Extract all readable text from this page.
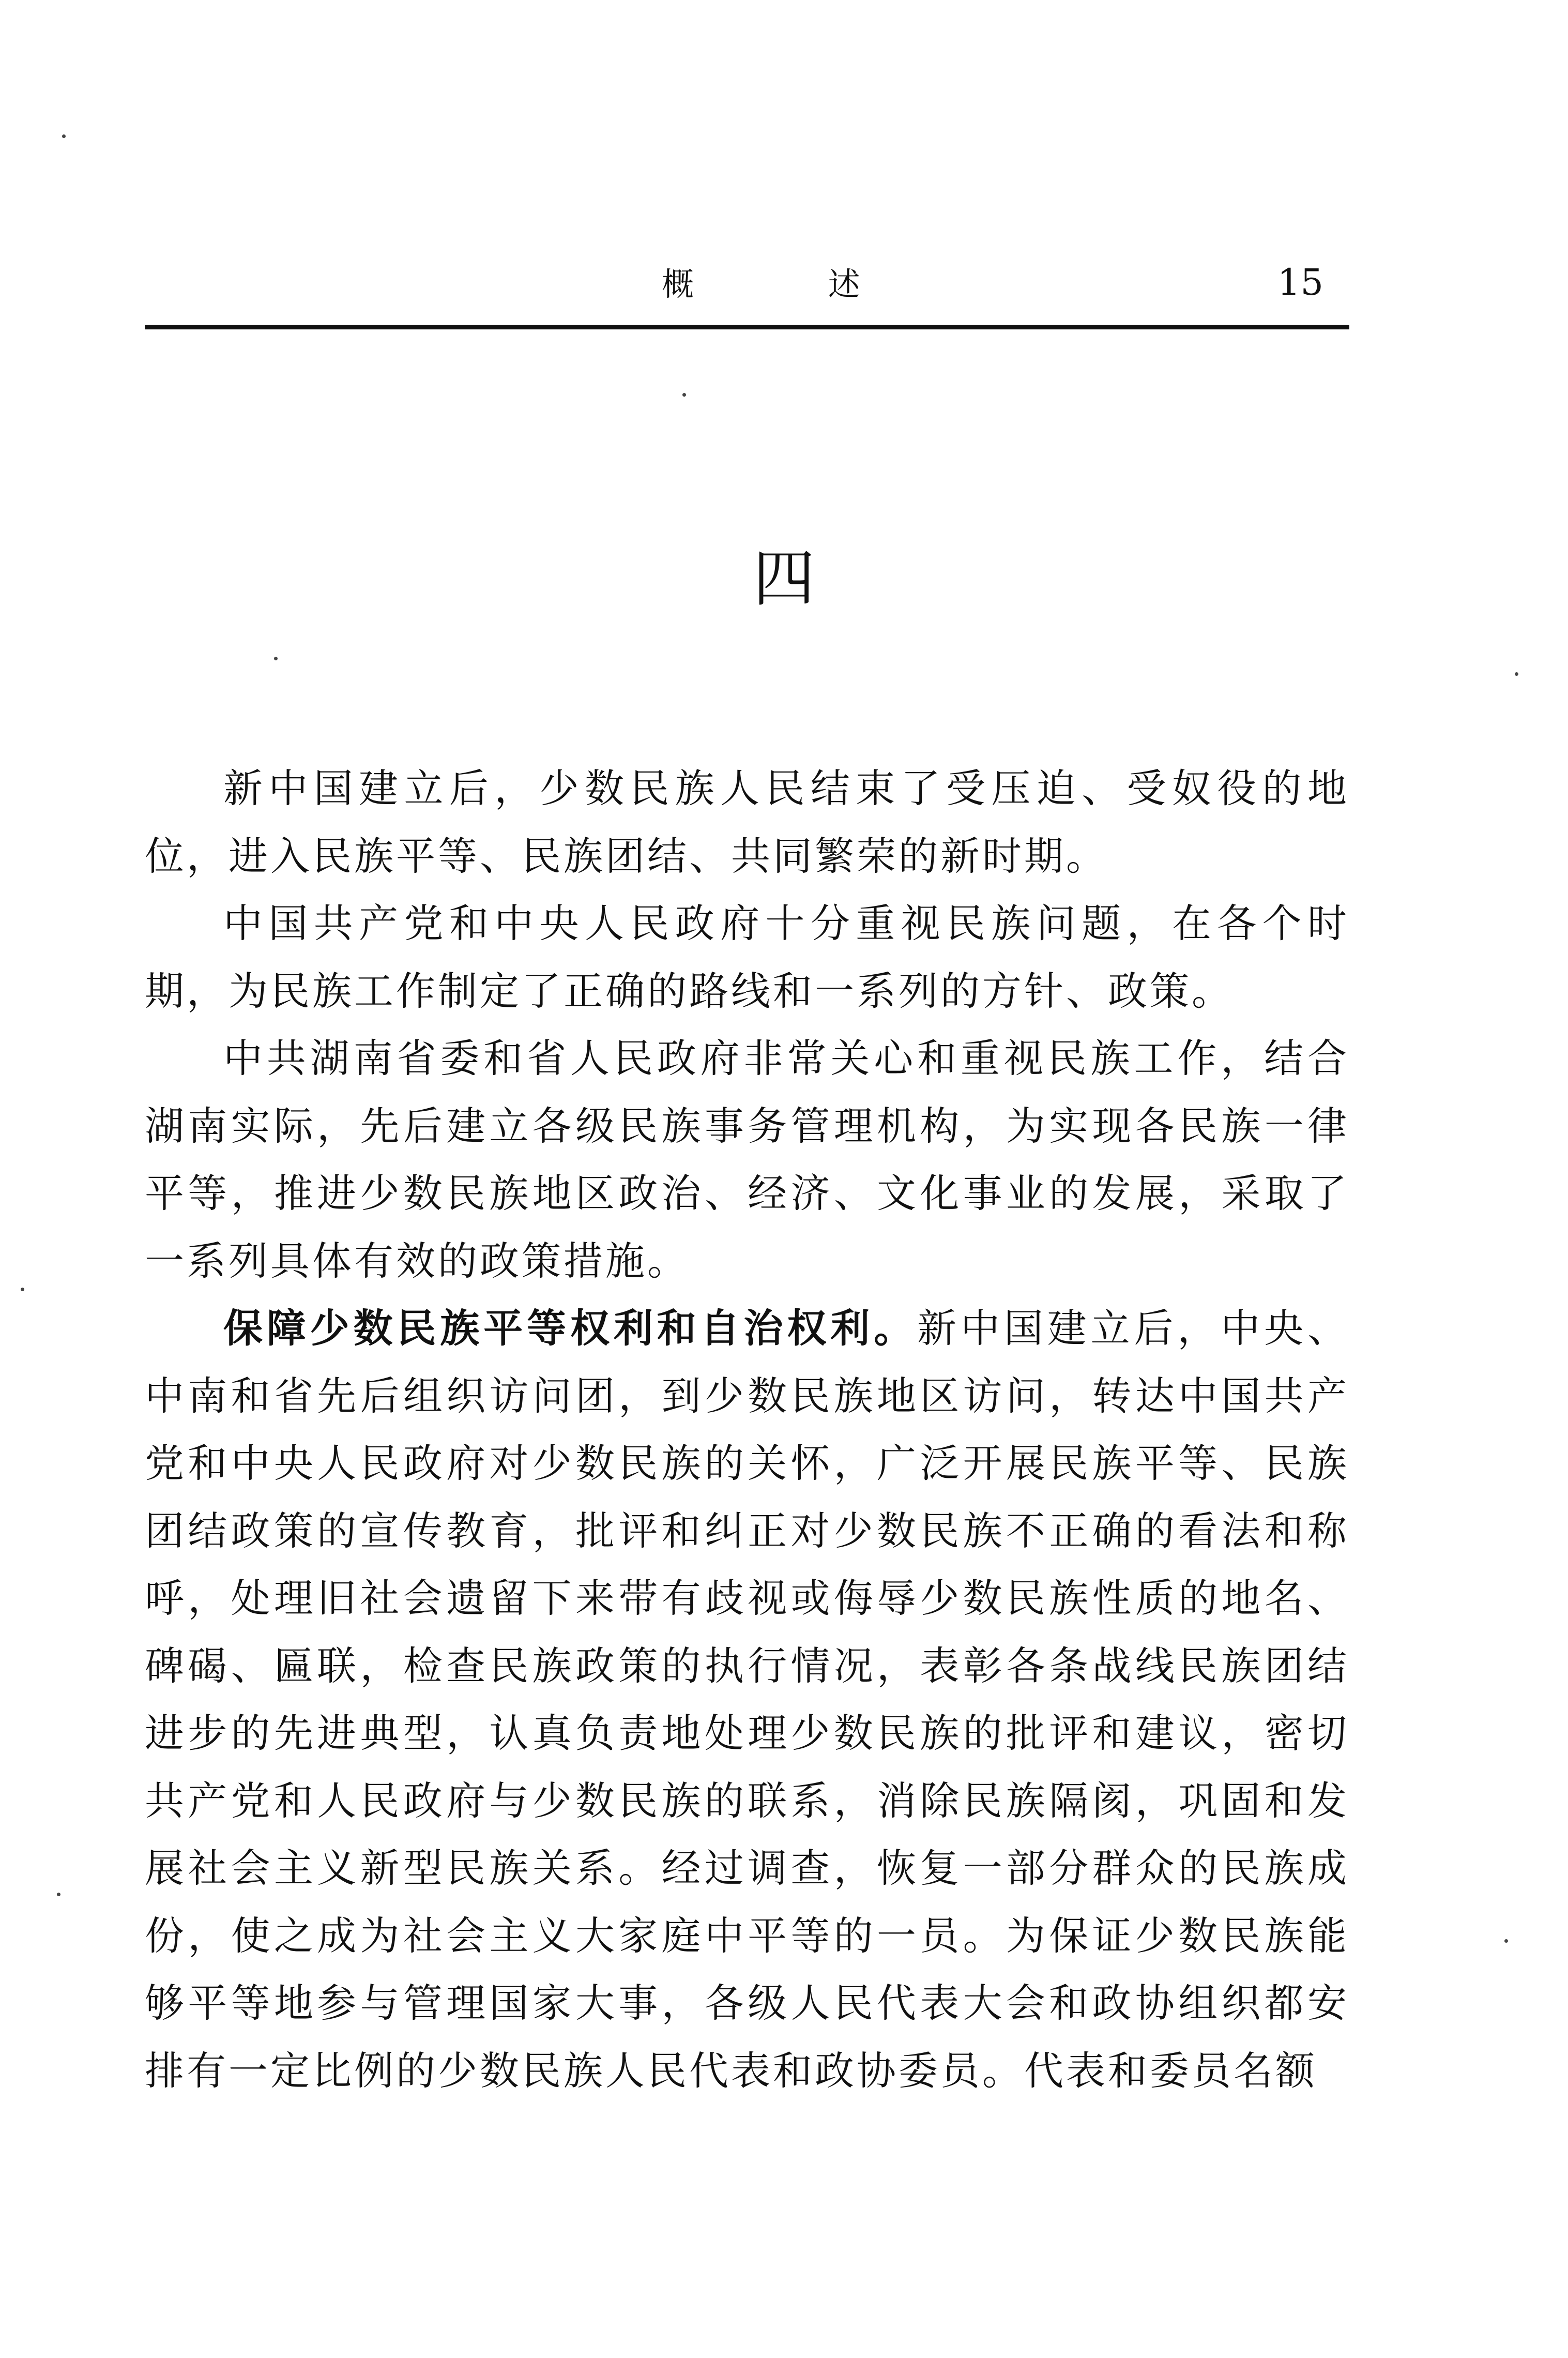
概 述	15
四

新中国建立后，少数民族人民结束了受压迫、受奴役的地位，进入民族平等、民族团结、共同繁荣的新时期。

中国共产党和中央人民政府十分重视民族问题，在各个时期，为民族工作制定了正确的路线和一系列的方针、政策。

中共湖南省委和省人民政府非常关心和重视民族工作，结合湖南实际，先后建立各级民族事务管理机构，为实现各民族一律平等，推进少数民族地区政治、经济、文化事业的发展，采取了一系列具体有效的政策措施。

保障少数民族平等权利和自治权利。新中国建立后，中央、中南和省先后组织访问团，到少数民族地区访问，转达中国共产党和中央人民政府对少数民族的关怀，广泛开展民族平等、民族团结政策的宣传教育，批评和纠正对少数民族不正确的看法和称呼，处理旧社会遗留下来带有歧视或侮辱少数民族性质的地名、碑碣、匾联，检查民族政策的执行情况，表彰各条战线民族团结进步的先进典型，认真负责地处理少数民族的批评和建议，密切共产党和人民政府与少数民族的联系，消除民族隔阂，巩固和发展社会主义新型民族关系。经过调查，恢复一部分群众的民族成份，使之成为社会主义大家庭中平等的一员。为保证少数民族能够平等地参与管理国家大事，各级人民代表大会和政协组织都安排有一定比例的少数民族人民代表和政协委员。代表和委员名额
